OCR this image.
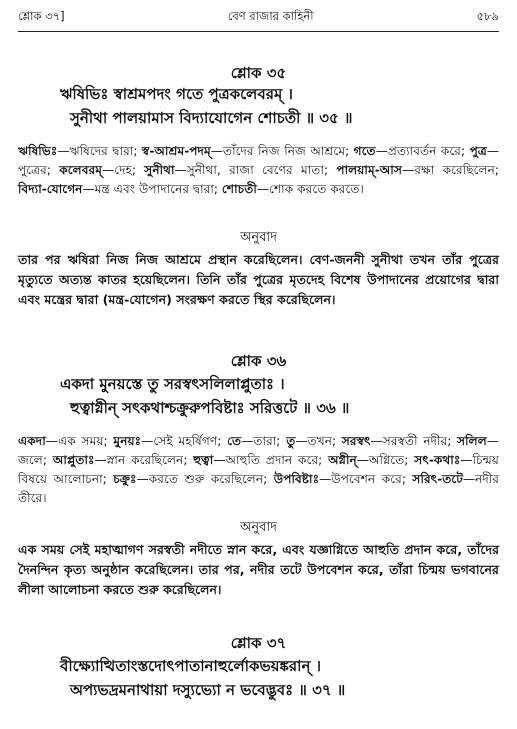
শ্লোক ৩৭]	বেণ রাজার কাহিনী	৫৮৯
শ্লোক ৩৫
ঋষিভিঃ স্বাশ্রমপদং গতে পুত্রকলেবরম্ ।
সুনীথা পালয়ামাস বিদ্যাযোগেন শোচতী ॥ ৩৫ ॥
ঋষিভিঃ—ঋষিদের দ্বারা; স্ব-আশ্রম-পদম্—তাঁদের নিজ নিজ আশ্রমে; গতে—প্রত্যাবর্তন করে; পুত্র—পুত্রের; কলেবরম্—দেহ; সুনীথা—সুনীথা, রাজা বেণের মাতা; পালয়াম্-আস—রক্ষা করেছিলেন; বিদ্যা-যোগেন—মন্ত্র এবং উপাদানের দ্বারা; শোচতী—শোক করতে করতে।
অনুবাদ
তার পর ঋষিরা নিজ নিজ আশ্রমে প্রস্থান করেছিলেন। বেণ-জননী সুনীথা তখন তাঁর পুত্রের মৃত্যুতে অত্যন্ত কাতর হয়েছিলেন। তিনি তাঁর পুত্রের মৃতদেহ বিশেষ উপাদানের প্রয়োগের দ্বারা এবং মন্ত্রের দ্বারা (মন্ত্র-যোগেন) সংরক্ষণ করতে স্থির করেছিলেন।
শ্লোক ৩৬
একদা মুনয়স্তে তু সরস্বৎসলিলাপ্লুতাঃ ।
হুত্বাগ্নীন্ সৎকথাশ্চক্রুরুপবিষ্টাঃ সরিত্তটে ॥ ৩৬ ॥
একদা—এক সময়; মুনয়ঃ—সেই মহর্ষিগণ; তে—তারা; তু—তখন; সরস্বৎ—সরস্বতী নদীর; সলিল—জলে; আপ্লুতাঃ—স্নান করেছিলেন; হুত্বা—আহুতি প্রদান করে; অগ্নীন্—অগ্নিতে; সৎ-কথাঃ—চিন্ময় বিষয়ে আলোচনা; চক্রুঃ—করতে শুরু করেছিলেন; উপবিষ্টাঃ—উপবেশন করে; সরিৎ-তটে—নদীর তীরে।
অনুবাদ
এক সময় সেই মহাত্মাগণ সরস্বতী নদীতে স্নান করে, এবং যজ্ঞাগ্নিতে আহুতি প্রদান করে, তাঁদের দৈনন্দিন কৃত্য অনুষ্ঠান করেছিলেন। তার পর, নদীর তটে উপবেশন করে, তাঁরা চিন্ময় ভগবানের লীলা আলোচনা করতে শুরু করেছিলেন।
শ্লোক ৩৭
বীক্ষ্যোত্থিতাংস্তদোৎপাতানাহুর্লোকভয়ঙ্করান্ ।
অপ্যভদ্রমনাথায়া দস্যুভ্যো ন ভবেদ্ভুবঃ ॥ ৩৭ ॥
